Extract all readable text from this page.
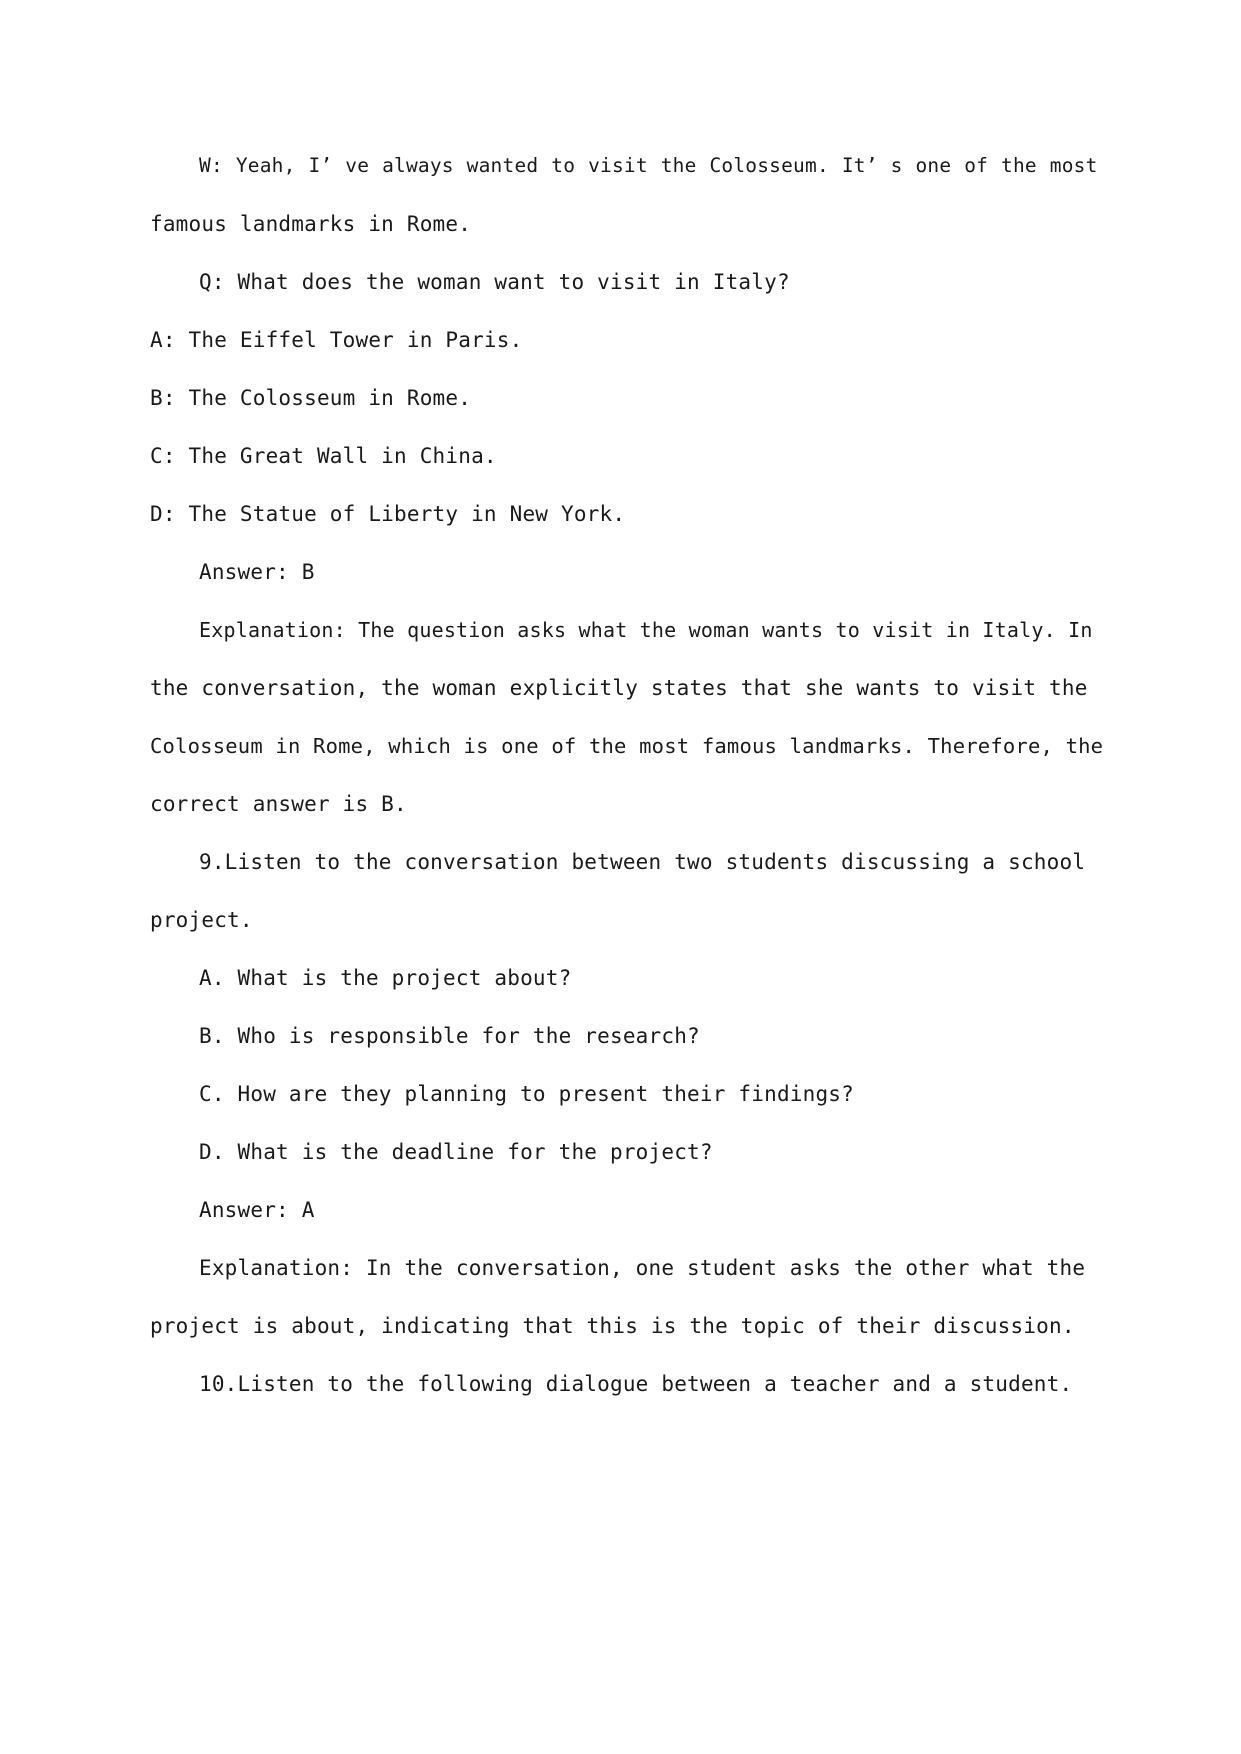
W: Yeah, I’ ve always wanted to visit the Colosseum. It’ s one of the most
famous landmarks in Rome.
Q: What does the woman want to visit in Italy?
A: The Eiffel Tower in Paris.
B: The Colosseum in Rome.
C: The Great Wall in China.
D: The Statue of Liberty in New York.
Answer: B
Explanation: The question asks what the woman wants to visit in Italy. In
the conversation, the woman explicitly states that she wants to visit the
Colosseum in Rome, which is one of the most famous landmarks. Therefore, the
correct answer is B.
9.Listen to the conversation between two students discussing a school
project.
A. What is the project about?
B. Who is responsible for the research?
C. How are they planning to present their findings?
D. What is the deadline for the project?
Answer: A
Explanation: In the conversation, one student asks the other what the
project is about, indicating that this is the topic of their discussion.
10.Listen to the following dialogue between a teacher and a student.
